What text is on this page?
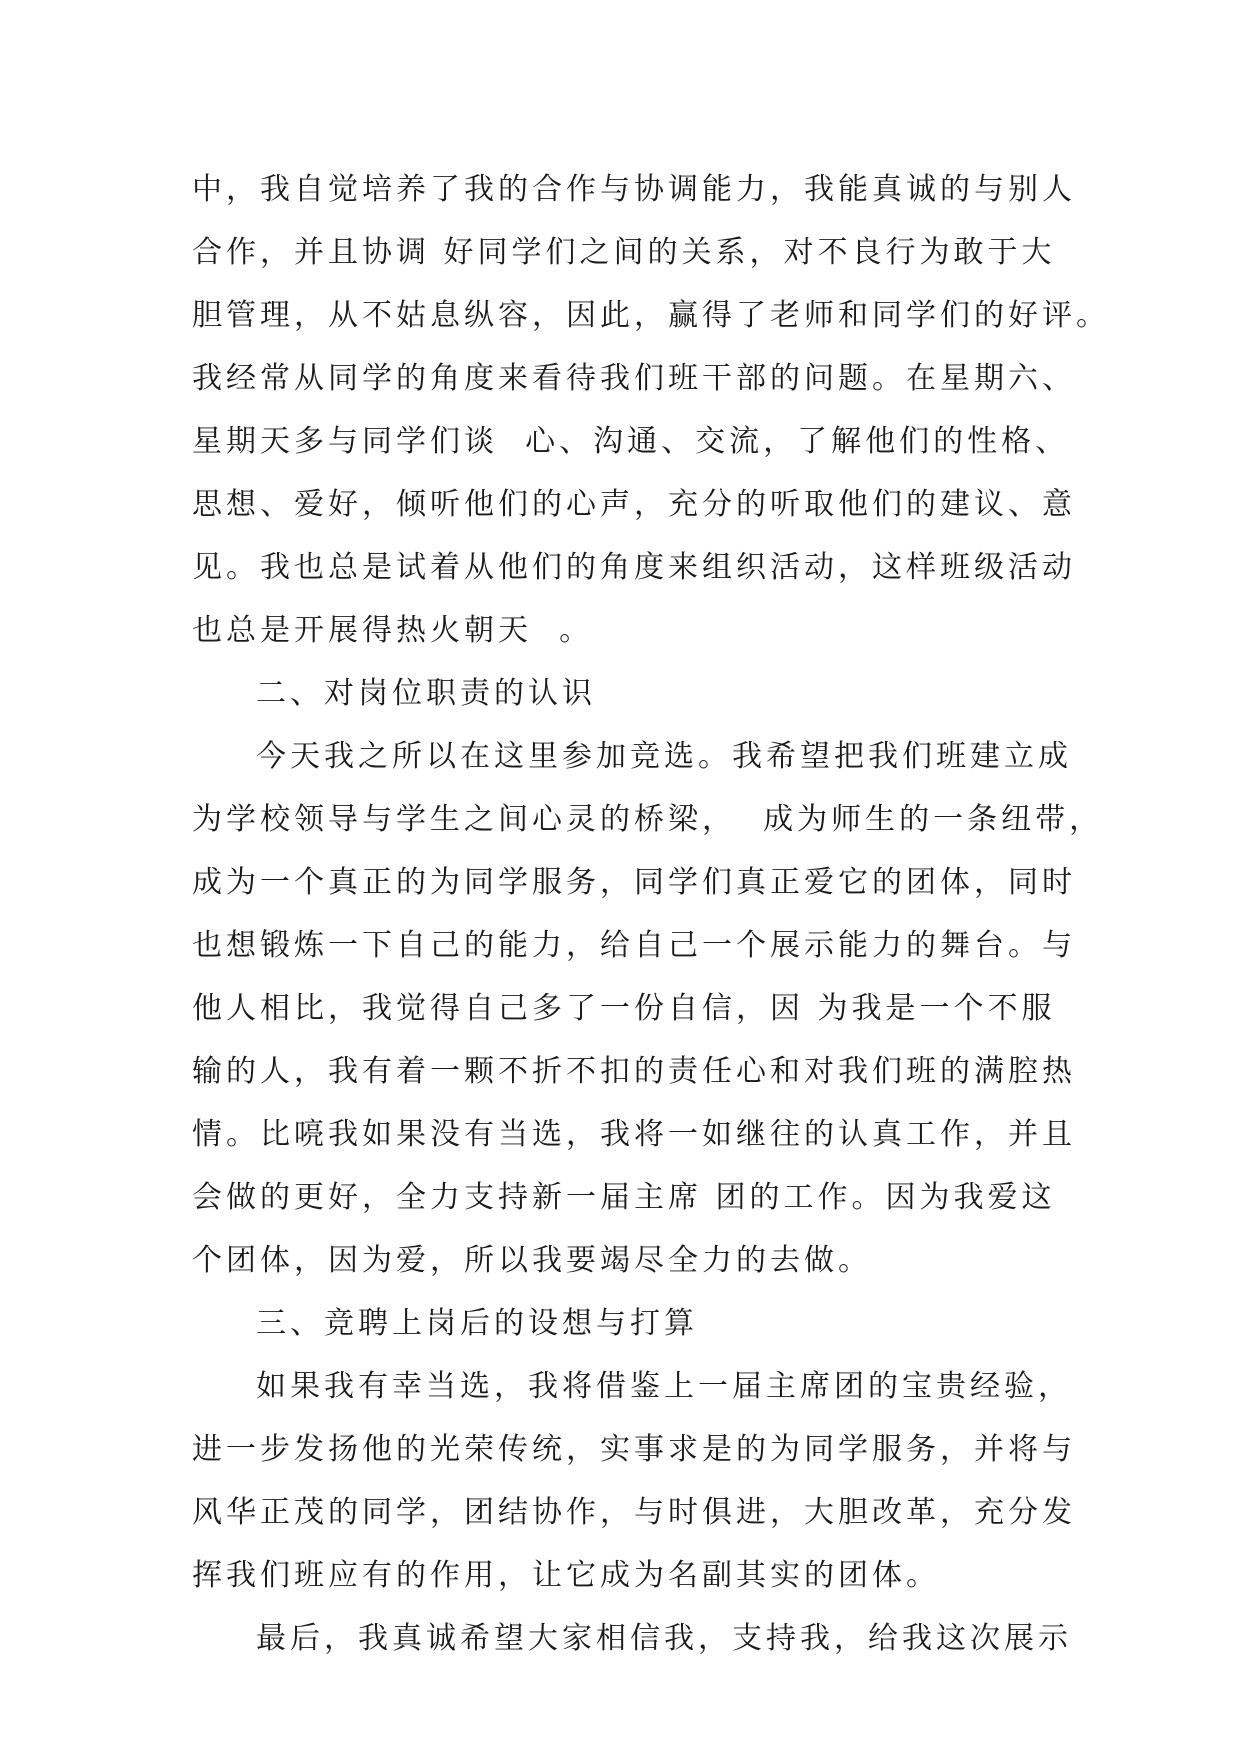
中，我自觉培养了我的合作与协调能力，我能真诚的与别人
合作，并且协调 好同学们之间的关系，对不良行为敢于大
胆管理，从不姑息纵容，因此，赢得了老师和同学们的好评。
我经常从同学的角度来看待我们班干部的问题。在星期六、
星期天多与同学们谈  心、沟通、交流，了解他们的性格、
思想、爱好，倾听他们的心声，充分的听取他们的建议、意
见。我也总是试着从他们的角度来组织活动，这样班级活动
也总是开展得热火朝天  。
二、对岗位职责的认识
今天我之所以在这里参加竞选。我希望把我们班建立成
为学校领导与学生之间心灵的桥梁，  成为师生的一条纽带，
成为一个真正的为同学服务，同学们真正爱它的团体，同时
也想锻炼一下自己的能力，给自己一个展示能力的舞台。与
他人相比，我觉得自己多了一份自信，因 为我是一个不服
输的人，我有着一颗不折不扣的责任心和对我们班的满腔热
情。比喨我如果没有当选，我将一如继往的认真工作，并且
会做的更好，全力支持新一届主席 团的工作。因为我爱这
个团体，因为爱，所以我要竭尽全力的去做。
三、竞聘上岗后的设想与打算
如果我有幸当选，我将借鉴上一届主席团的宝贵经验，
进一步发扬他的光荣传统，实事求是的为同学服务，并将与
风华正茂的同学，团结协作，与时俱进，大胆改革，充分发
挥我们班应有的作用，让它成为名副其实的团体。
最后，我真诚希望大家相信我，支持我，给我这次展示
